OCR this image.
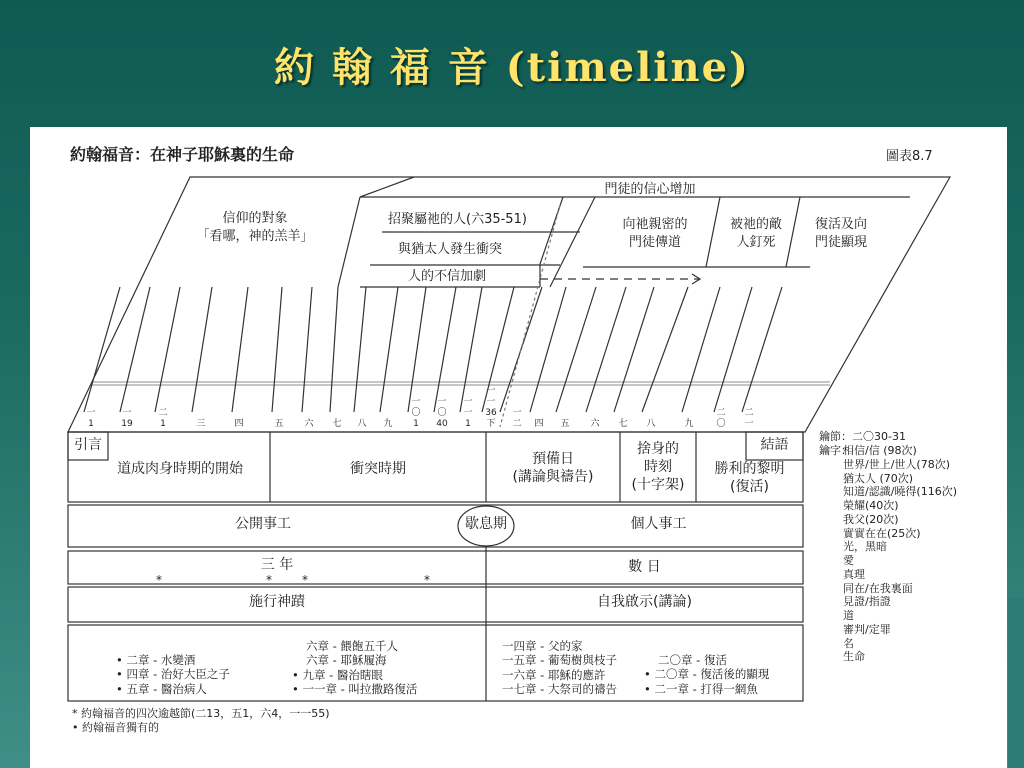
約 翰 福 音 (timeline)
約翰福音：在神子耶穌裏的生命	圖表8.7
門徒的信心增加
信仰的對象
「看哪，神的羔羊」
招聚屬祂的人(六35-51)
與猶太人發生衝突
人的不信加劇
向祂親密的
門徒傳道
被祂的敵
人釘死
復活及向
門徒顯現
一
1
一
19
二
1	三	四	五	六	七	八	九
一
〇
1
一
〇
40
一
一
1
一
一
36
下
一
二	四	五	六	七	八	九
二
〇
二
一
引言
道成肉身時期的開始	衝突時期
預備日
(講論與禱告)
捨身的
時刻
(十字架)
勝利的黎明
(復活)
結語
公開事工	歇息期	個人事工
三 年	數 日
*	*	*	*
施行神蹟	自我啟示(講論)
• 二章 - 水變酒
• 四章 - 治好大臣之子
• 五章 - 醫治病人
六章 - 餵飽五千人
六章 - 耶穌履海
• 九章 - 醫治瞎眼
• 一一章 - 叫拉撒路復活
一四章 - 父的家
一五章 - 葡萄樹與枝子
一六章 - 耶穌的應許
一七章 - 大祭司的禱告
二〇章 - 復活
• 二〇章 - 復活後的顯現
• 二一章 - 打得一網魚
鑰節：二〇30-31
鑰字：
相信/信 (98次)
世界/世上/世人(78次)
猶太人 (70次)
知道/認識/曉得(116次)
榮耀(40次)
我父(20次)
實實在在(25次)
光，黑暗
愛
真理
同在/在我裏面
見證/指證
道
審判/定罪
名
生命
* 約翰福音的四次逾越節(二13，五1，六4，一一55)
• 約翰福音獨有的
